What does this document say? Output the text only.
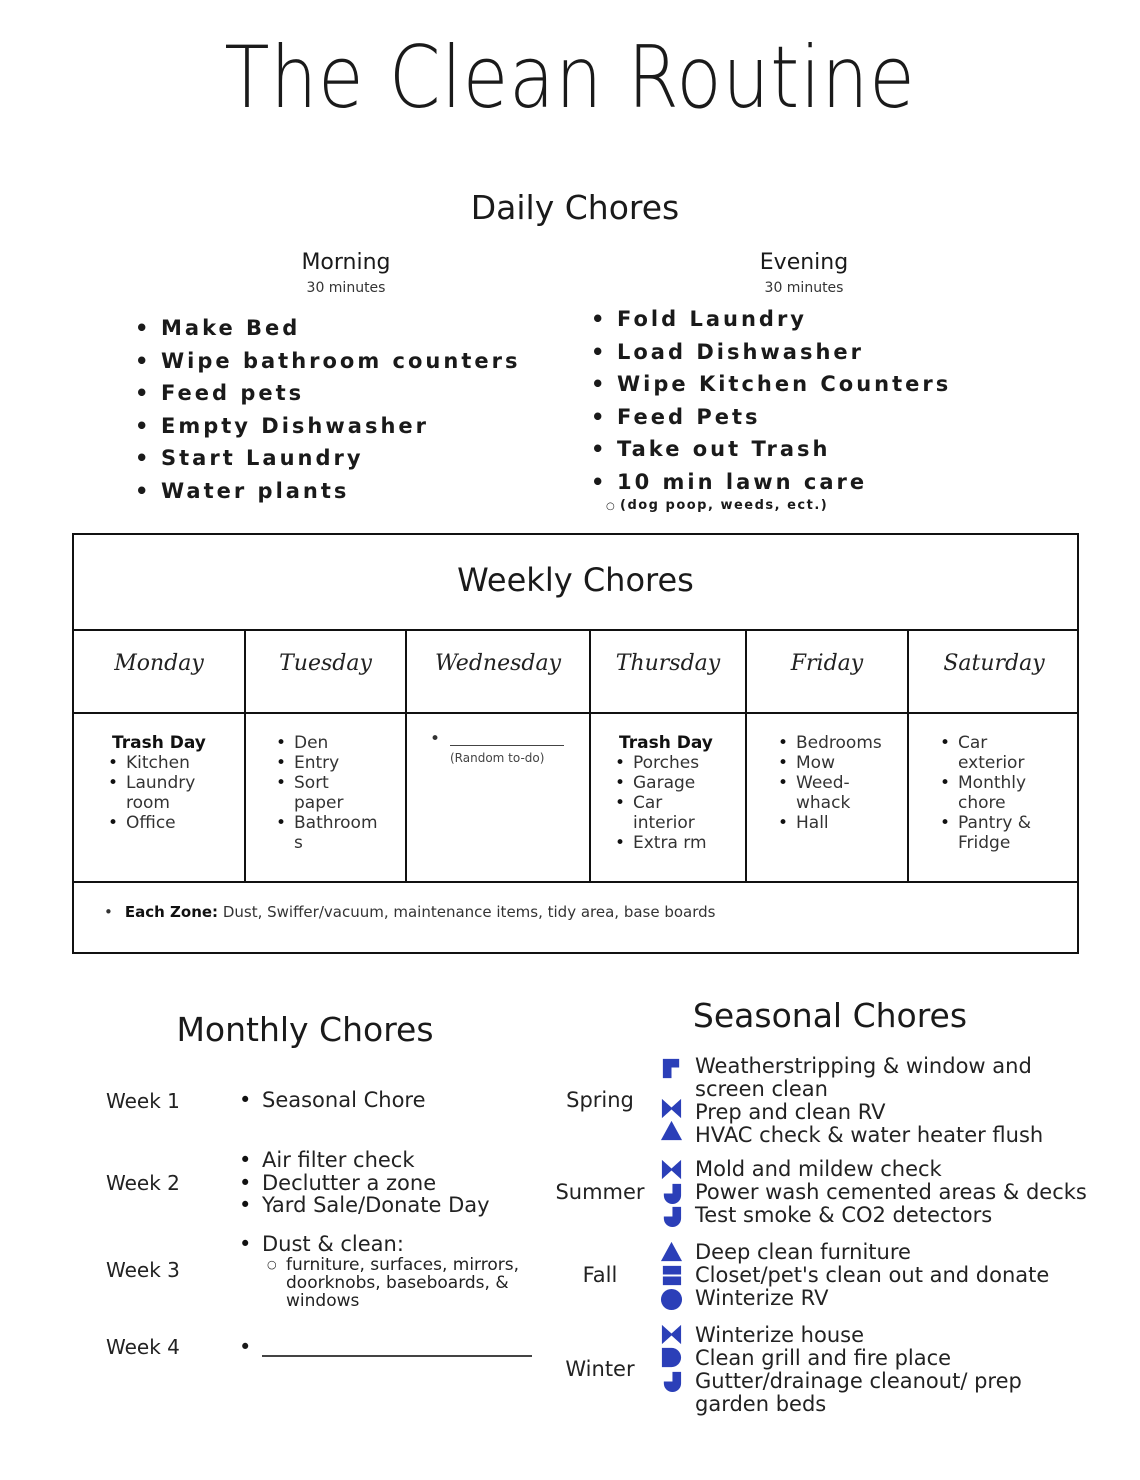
The Clean Routine
Daily Chores
Morning
30 minutes
Evening
30 minutes
• Make Bed
• Wipe bathroom counters
• Feed pets
• Empty Dishwasher
• Start Laundry
• Water plants
• Fold Laundry
• Load Dishwasher
• Wipe Kitchen Counters
• Feed Pets
• Take out Trash
• 10 min lawn care
○ (dog poop, weeds, ect.)
Weekly Chores
Monday	Tuesday	Wednesday	Thursday	Friday	Saturday
Trash Day
• Kitchen
• Laundry room
• Office
• Den
• Entry
• Sort paper
• Bathroom s
•
(Random to-do)
Trash Day
• Porches
• Garage
• Car interior
• Extra rm
• Bedrooms
• Mow
• Weed-whack
• Hall
• Car exterior
• Monthly chore
• Pantry & Fridge
• Each Zone: Dust, Swiffer/vacuum, maintenance items, tidy area, base boards
Monthly Chores
Week 1
•	Seasonal Chore
Week 2
• Air filter check
• Declutter a zone
• Yard Sale/Donate Day
Week 3
• Dust & clean:
○ furniture, surfaces, mirrors, doorknobs, baseboards, & windows
Week 4	•
Seasonal Chores
Spring
Summer
Fall
Winter
Weatherstripping & window and screen clean
Prep and clean RV
HVAC check & water heater flush
Mold and mildew check
Power wash cemented areas & decks
Test smoke & CO2 detectors
Deep clean furniture
Closet/pet's clean out and donate
Winterize RV
Winterize house
Clean grill and fire place
Gutter/drainage cleanout/ prep garden beds
